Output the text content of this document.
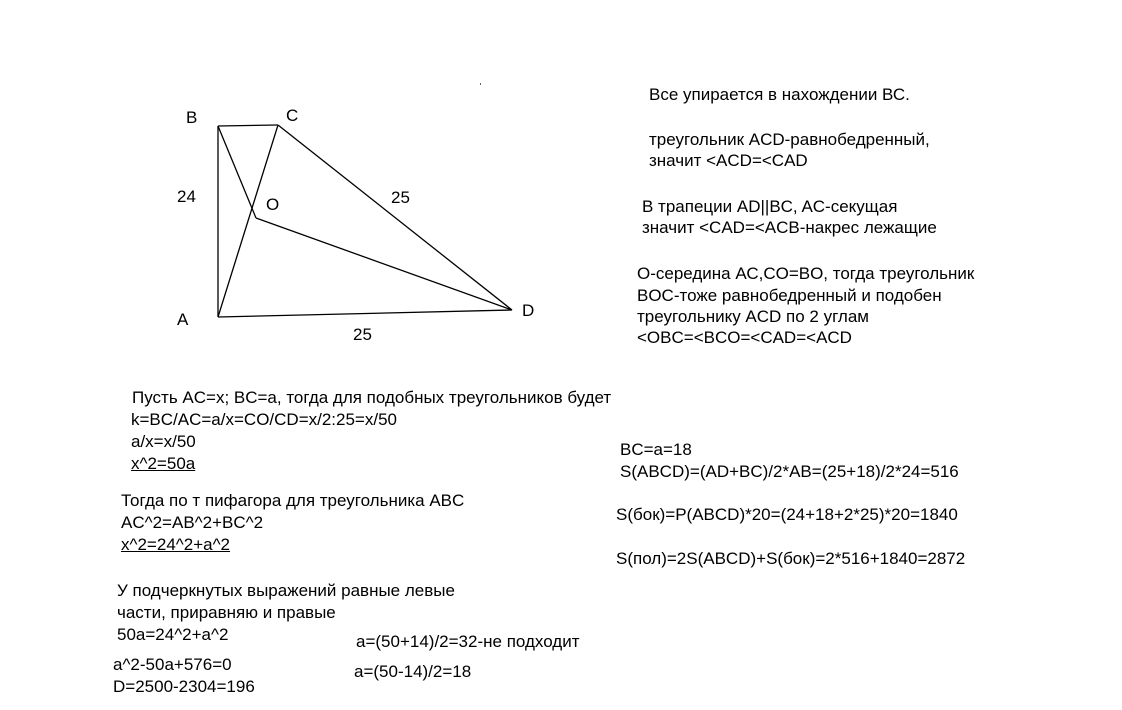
B	C
A	D
O
24	25
25
Все упирается в нахождении ВС.
треугольник ACD-равнобедренный,
значит <ACD=<CAD
В трапеции AD||BC, AC-секущая
значит <CAD=<ACB-накрес лежащие
О-середина АС,CO=BO, тогда треугольник
BOC-тоже равнобедренный и подобен
треугольнику ACD по 2 углам
<OBC=<BCO=<CAD=<ACD
Пусть AC=x; BC=a, тогда для подобных треугольников будет
k=BC/AC=a/x=CO/CD=x/2:25=x/50
a/x=x/50
x^2=50a
Тогда по т пифагора для треугольника ABC
AC^2=AB^2+BC^2
x^2=24^2+a^2
У подчеркнутых выражений равные левые
части, приравняю и правые
50a=24^2+a^2
a^2-50a+576=0
D=2500-2304=196
a=(50+14)/2=32-не подходит
a=(50-14)/2=18
BC=a=18
S(ABCD)=(AD+BC)/2*AB=(25+18)/2*24=516
S(бок)=P(ABCD)*20=(24+18+2*25)*20=1840
S(пол)=2S(ABCD)+S(бок)=2*516+1840=2872
